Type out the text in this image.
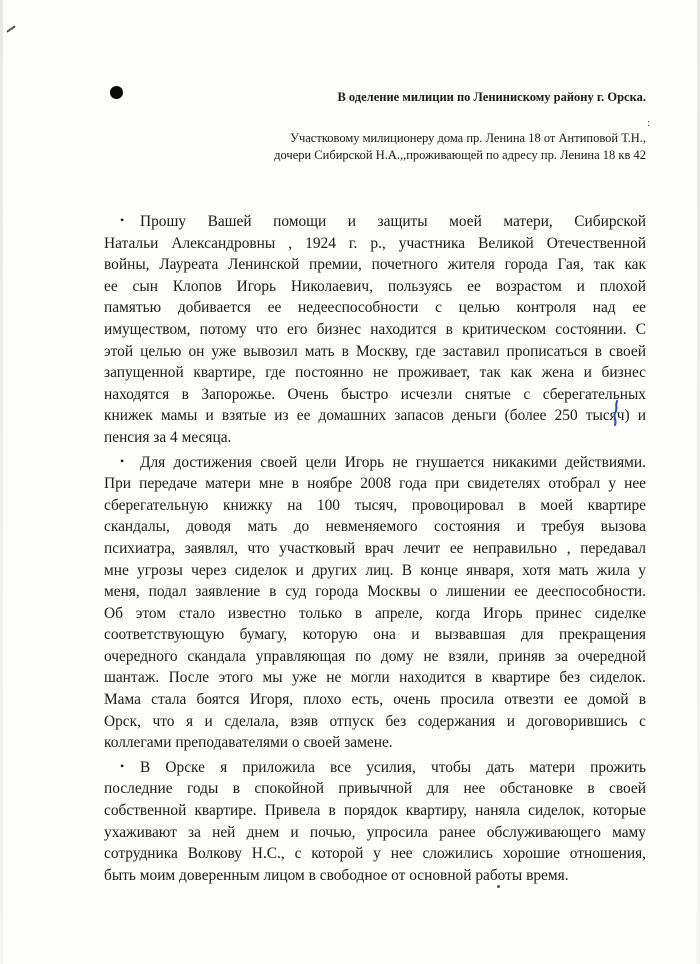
В оделение милиции по Ленинискому району г. Орска.
:
Участковому милиционеру дома пр. Ленина 18 от Антиповой Т.Н.,
дочери Сибирской Н.А.,,проживающей по адресу пр. Ленина 18 кв 42
• Прошу Вашей помощи и защиты моей матери, Сибирской
Натальи Александровны , 1924 г. р., участника Великой Отечественной
войны, Лауреата Ленинской премии, почетного жителя города Гая, так как
ее сын Клопов Игорь Николаевич, пользуясь ее возрастом и плохой
памятью добивается ее недееспособности с целью контроля над ее
имуществом, потому что его бизнес находится в критическом состоянии. С
этой целью он уже вывозил мать в Москву, где заставил прописаться в своей
запущенной квартире, где постоянно не проживает, так как жена и бизнес
находятся в Запорожье. Очень быстро исчезли снятые с сберегательных
книжек мамы и взятые из ее домашних запасов деньги (более 250 тысяч) и
пенсия за 4 месяца.
• Для достижения своей цели Игорь не гнушается никакими действиями.
При передаче матери мне в ноябре 2008 года при свидетелях отобрал у нее
сберегательную книжку на 100 тысяч, провоцировал в моей квартире
скандалы, доводя мать до невменяемого состояния и требуя вызова
психиатра, заявлял, что участковый врач лечит ее неправильно , передавал
мне угрозы через сиделок и других лиц. В конце января, хотя мать жила у
меня, подал заявление в суд города Москвы о лишении ее дееспособности.
Об этом стало известно только в апреле, когда Игорь принес сиделке
соответствующую бумагу, которую она и вызвавшая для прекращения
очередного скандала управляющая по дому не взяли, приняв за очередной
шантаж. После этого мы уже не могли находится в квартире без сиделок.
Мама стала боятся Игоря, плохо есть, очень просила отвезти ее домой в
Орск, что я и сделала, взяв отпуск без содержания и договорившись с
коллегами преподавателями о своей замене.
• В Орске я приложила все усилия, чтобы дать матери прожить
последние годы в спокойной привычной для нее обстановке в своей
собственной квартире. Привела в порядок квартиру, наняла сиделок, которые
ухаживают за ней днем и почью, упросила ранее обслуживающего маму
сотрудника Волкову Н.С., с которой у нее сложились хорошие отношения,
быть моим доверенным лицом в свободное от основной работы время.
